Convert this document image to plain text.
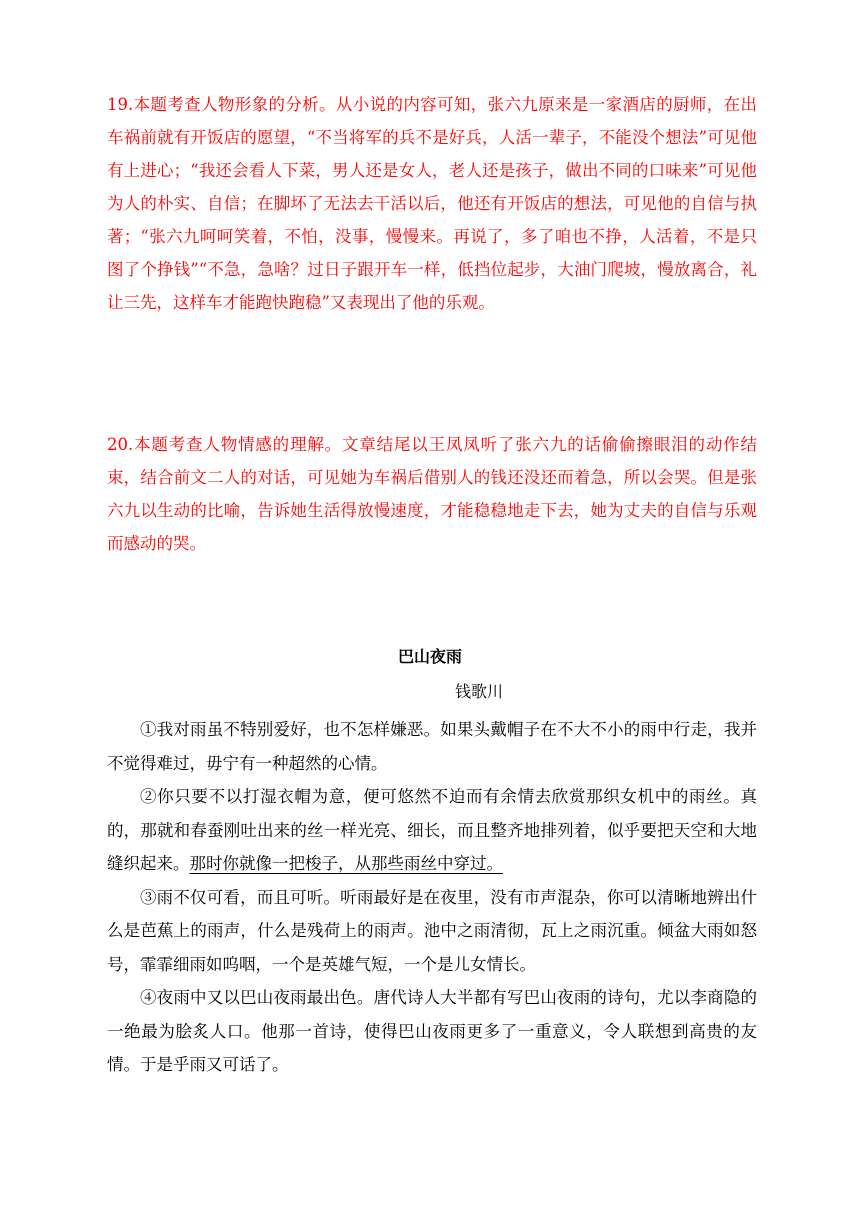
19.本题考查人物形象的分析。从小说的内容可知，张六九原来是一家酒店的厨师，在出车祸前就有开饭店的愿望，“不当将军的兵不是好兵，人活一辈子，不能没个想法”可见他有上进心；“我还会看人下菜，男人还是女人，老人还是孩子，做出不同的口味来”可见他为人的朴实、自信；在脚坏了无法去干活以后，他还有开饭店的想法，可见他的自信与执著；“张六九呵呵笑着，不怕，没事，慢慢来。再说了，多了咱也不挣，人活着，不是只图了个挣钱”“不急，急啥？过日子跟开车一样，低挡位起步，大油门爬坡，慢放离合，礼让三先，这样车才能跑快跑稳”又表现出了他的乐观。

20.本题考查人物情感的理解。文章结尾以王凤凤听了张六九的话偷偷擦眼泪的动作结束，结合前文二人的对话，可见她为车祸后借别人的钱还没还而着急，所以会哭。但是张六九以生动的比喻，告诉她生活得放慢速度，才能稳稳地走下去，她为丈夫的自信与乐观而感动的哭。

巴山夜雨

钱歌川

①我对雨虽不特别爱好，也不怎样嫌恶。如果头戴帽子在不大不小的雨中行走，我并不觉得难过，毋宁有一种超然的心情。

②你只要不以打湿衣帽为意，便可悠然不迫而有余情去欣赏那织女机中的雨丝。真的，那就和春蚕刚吐出来的丝一样光亮、细长，而且整齐地排列着，似乎要把天空和大地缝织起来。那时你就像一把梭子，从那些雨丝中穿过。

③雨不仅可看，而且可听。听雨最好是在夜里，没有市声混杂，你可以清晰地辨出什么是芭蕉上的雨声，什么是残荷上的雨声。池中之雨清彻，瓦上之雨沉重。倾盆大雨如怒号，霏霏细雨如呜咽，一个是英雄气短，一个是儿女情长。

④夜雨中又以巴山夜雨最出色。唐代诗人大半都有写巴山夜雨的诗句，尤以李商隐的一绝最为脍炙人口。他那一首诗，使得巴山夜雨更多了一重意义，令人联想到高贵的友情。于是乎雨又可话了。
